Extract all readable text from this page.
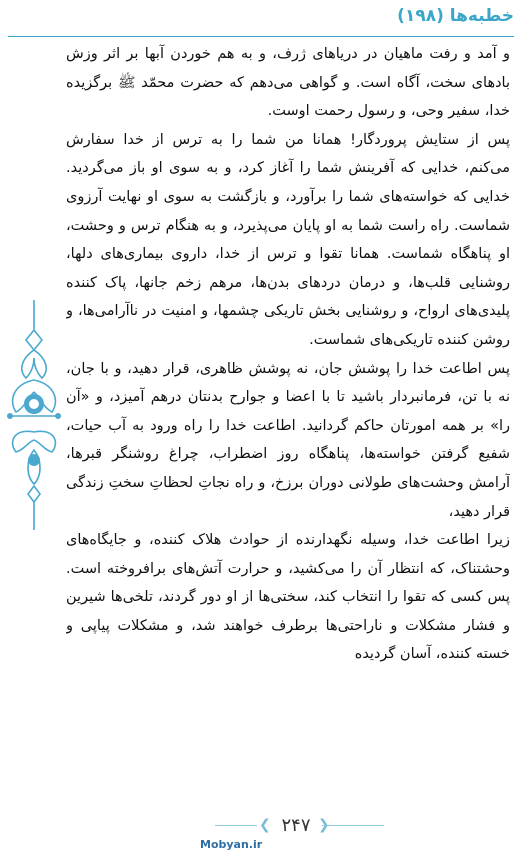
خطبه‌ها (۱۹۸)

و آمد و رفت ماهیان در دریاهای ژرف، و به هم خوردن آبها بر اثر وزش بادهای سخت، آگاه است. و گواهی می‌دهم که حضرت محمّد ﷺ برگزیده خدا، سفیر وحی، و رسول رحمت اوست.

پس از ستایش پروردگار! همانا من شما را به ترس از خدا سفارش می‌کنم، خدایی که آفرینش شما را آغاز کرد، و به سوی او باز می‌گردید. خدایی که خواسته‌های شما را برآورد، و بازگشت به سوی او نهایت آرزوی شماست. راه راست شما به او پایان می‌پذیرد، و به هنگام ترس و وحشت، او پناهگاه شماست. همانا تقوا و ترس از خدا، داروی بیماری‌های دلها، روشنایی قلب‌ها، و درمان دردهای بدن‌ها، مرهم زخم جانها، پاک کننده پلیدی‌های ارواح، و روشنایی بخش تاریکی چشمها، و امنیت در ناآرامی‌ها، و روشن کننده تاریکی‌های شماست.

پس اطاعت خدا را پوشش جان، نه پوشش ظاهری، قرار دهید، و با جان، نه با تن، فرمانبردار باشید تا با اعضا و جوارح بدنتان درهم آمیزد، و «آن را» بر همه امورتان حاکم گردانید. اطاعت خدا را راه ورود به آب حیات، شفیع گرفتن خواسته‌ها، پناهگاه روز اضطراب، چراغ روشنگر قبرها، آرامش وحشت‌های طولانی دوران برزخ، و راه نجاتِ لحظاتِ سختِ زندگی قرار دهید،

زیرا اطاعت خدا، وسیله نگهدارنده از حوادث هلاک کننده، و جایگاه‌های وحشتناک، که انتظار آن را می‌کشید، و حرارت آتش‌های برافروخته است. پس کسی که تقوا را انتخاب کند، سختی‌ها از او دور گردند، تلخی‌ها شیرین و فشار مشکلات و ناراحتی‌ها برطرف خواهند شد، و مشکلات پیاپی و خسته کننده، آسان گردیده

❮ ۲۴۷ ❯
Mobyan.ir
